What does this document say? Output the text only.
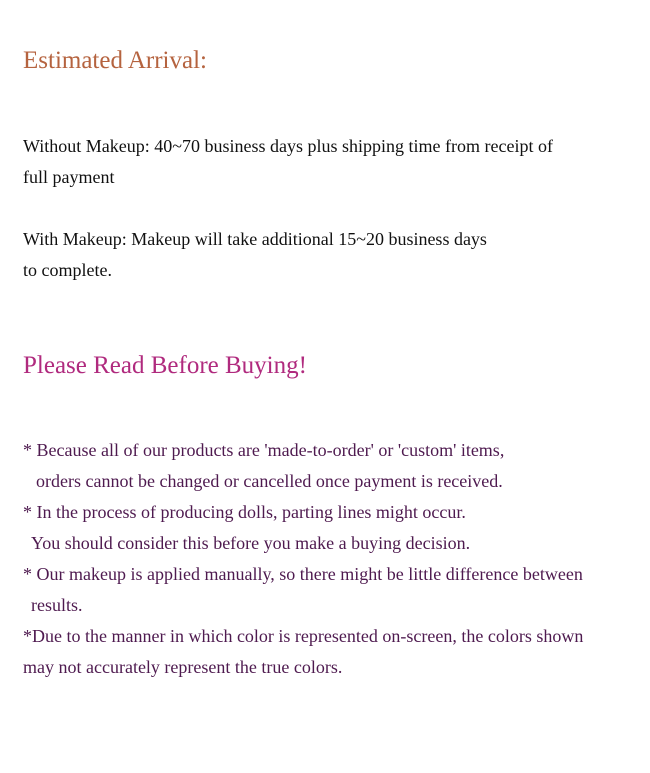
Estimated Arrival:
Without Makeup: 40~70 business days plus shipping time from receipt of
full payment
With Makeup: Makeup will take additional 15~20 business days
to complete.
Please Read Before Buying!
* Because all of our products are 'made-to-order' or 'custom' items,
orders cannot be changed or cancelled once payment is received.
* In the process of producing dolls, parting lines might occur.
You should consider this before you make a buying decision.
* Our makeup is applied manually, so there might be little difference between
results.
*Due to the manner in which color is represented on-screen, the colors shown
may not accurately represent the true colors.
